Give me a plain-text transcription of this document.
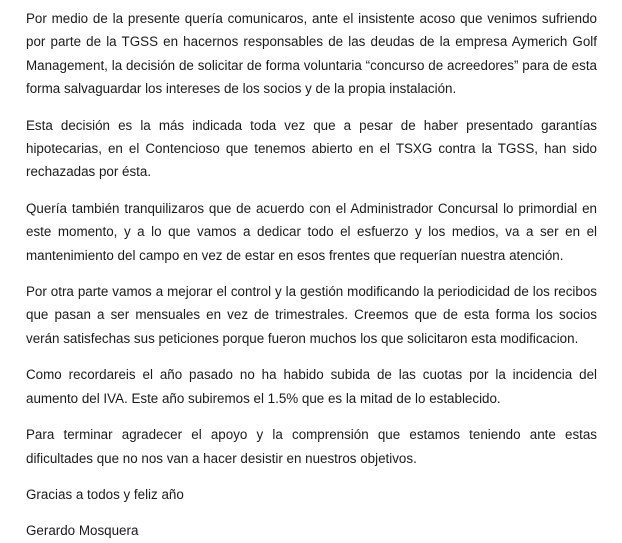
Por medio de la presente quería comunicaros, ante el insistente acoso que venimos sufriendo por parte de la TGSS en hacernos responsables de las deudas de la empresa Aymerich Golf Management, la decisión de solicitar de forma voluntaria “concurso de acreedores” para de esta forma salvaguardar los intereses de los socios y de la propia instalación.

Esta decisión es la más indicada toda vez que a pesar de haber presentado garantías hipotecarias, en el Contencioso que tenemos abierto en el TSXG contra la TGSS, han sido rechazadas por ésta.

Quería también tranquilizaros que de acuerdo con el Administrador Concursal lo primordial en este momento, y a lo que vamos a dedicar todo el esfuerzo y los medios, va a ser en el mantenimiento del campo en vez de estar en esos frentes que requerían nuestra atención.

Por otra parte vamos a mejorar el control y la gestión modificando la periodicidad de los recibos que pasan a ser mensuales en vez de trimestrales. Creemos que de esta forma los socios verán satisfechas sus peticiones porque fueron muchos los que solicitaron esta modificacion.

Como recordareis el año pasado no ha habido subida de las cuotas por la incidencia del aumento del IVA. Este año subiremos el 1.5% que es la mitad de lo establecido.

Para terminar agradecer el apoyo y la comprensión que estamos teniendo ante estas dificultades que no nos van a hacer desistir en nuestros objetivos.

Gracias a todos y feliz año

Gerardo Mosquera
